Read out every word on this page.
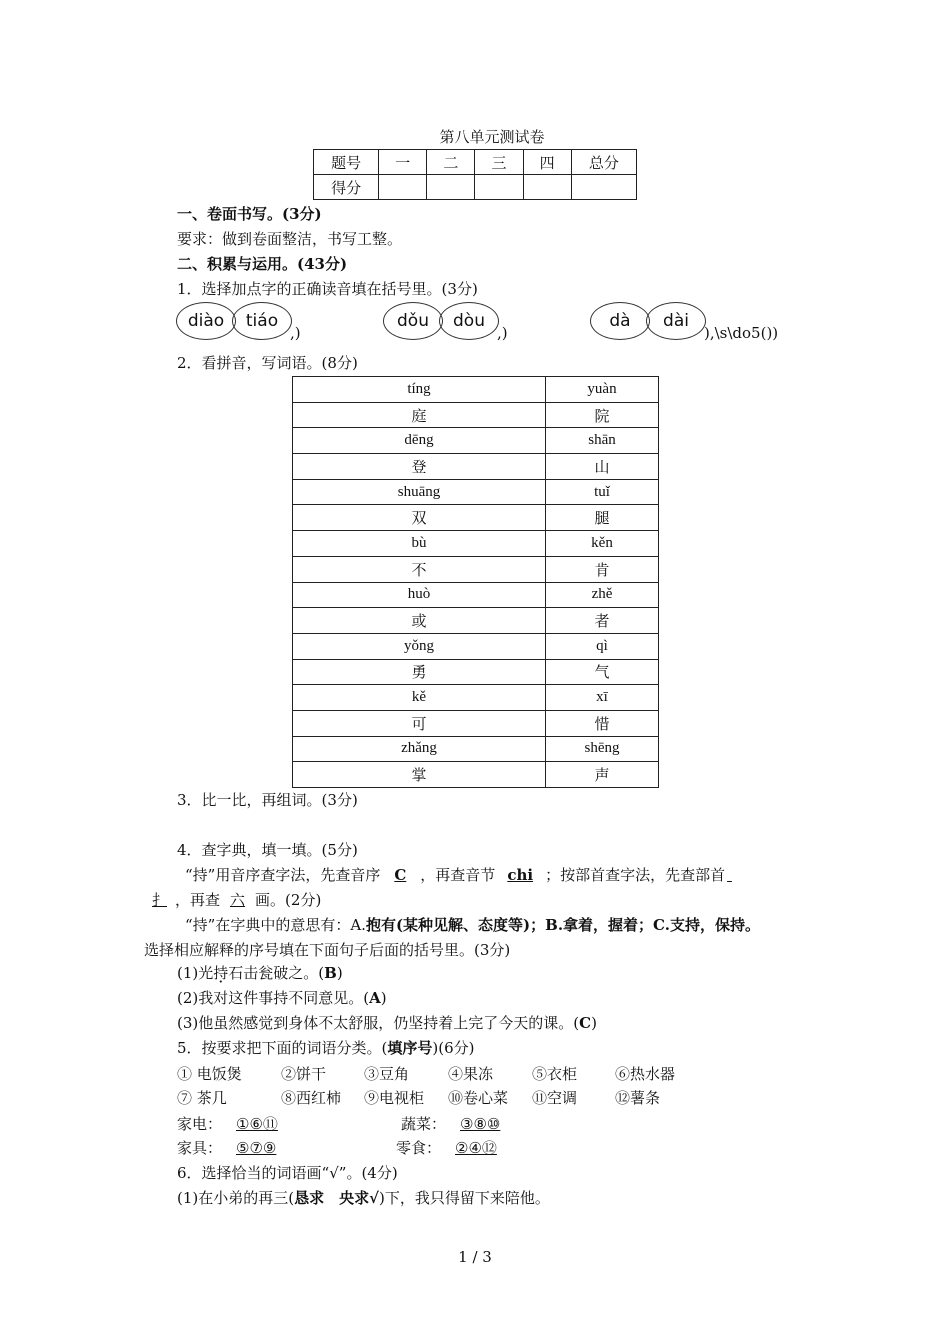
第八单元测试卷
题号	一	二	三	四	总分
得分					
一、卷面书写。(3分)
要求：做到卷面整洁，书写工整。
二、积累与运用。(43分)
1．选择加点字的正确读音填在括号里。(3分)
diào	tiáo
,)
dǒu	dòu
,)
dà	dài
),\s\do5())
2．看拼音，写词语。(8分)
tíng	yuàn
庭	院
dēng	shān
登	山
shuāng	tuǐ
双	腿
bù	kěn
不	肯
huò	zhě
或	者
yǒng	qì
勇	气
kě	xī
可	惜
zhǎng	shēng
掌	声
3．比一比，再组词。(3分)
4．查字典，填一填。(5分)
“持”用音序查字法，先查音序 C ，再查音节 chi ；按部首查字法，先查部首
扌 ，再查 六 画。(2分)
“持”在字典中的意思有：A.抱有(某种见解、态度等)；B.拿着，握着；C.支持，保持。
选择相应解释的序号填在下面句子后面的括号里。(3分)
(1)光持石击瓮破之。(B)
(2)我对这件事持不同意见。(A)
(3)他虽然感觉到身体不太舒服，仍坚持着上完了今天的课。(C)
5．按要求把下面的词语分类。(填序号)(6分)
① 电饭煲	②饼干	③豆角	④果冻	⑤衣柜	⑥热水器
⑦ 茶几	⑧西红柿 ⑨电视柜 ⑩卷心菜 ⑪空调	⑫薯条
家电： ①⑥⑪	蔬菜： ③⑧⑩
家具： ⑤⑦⑨	零食： ②④⑫
6．选择恰当的词语画“√”。(4分)
(1)在小弟的再三(恳求　央求√)下，我只得留下来陪他。
1 / 3
